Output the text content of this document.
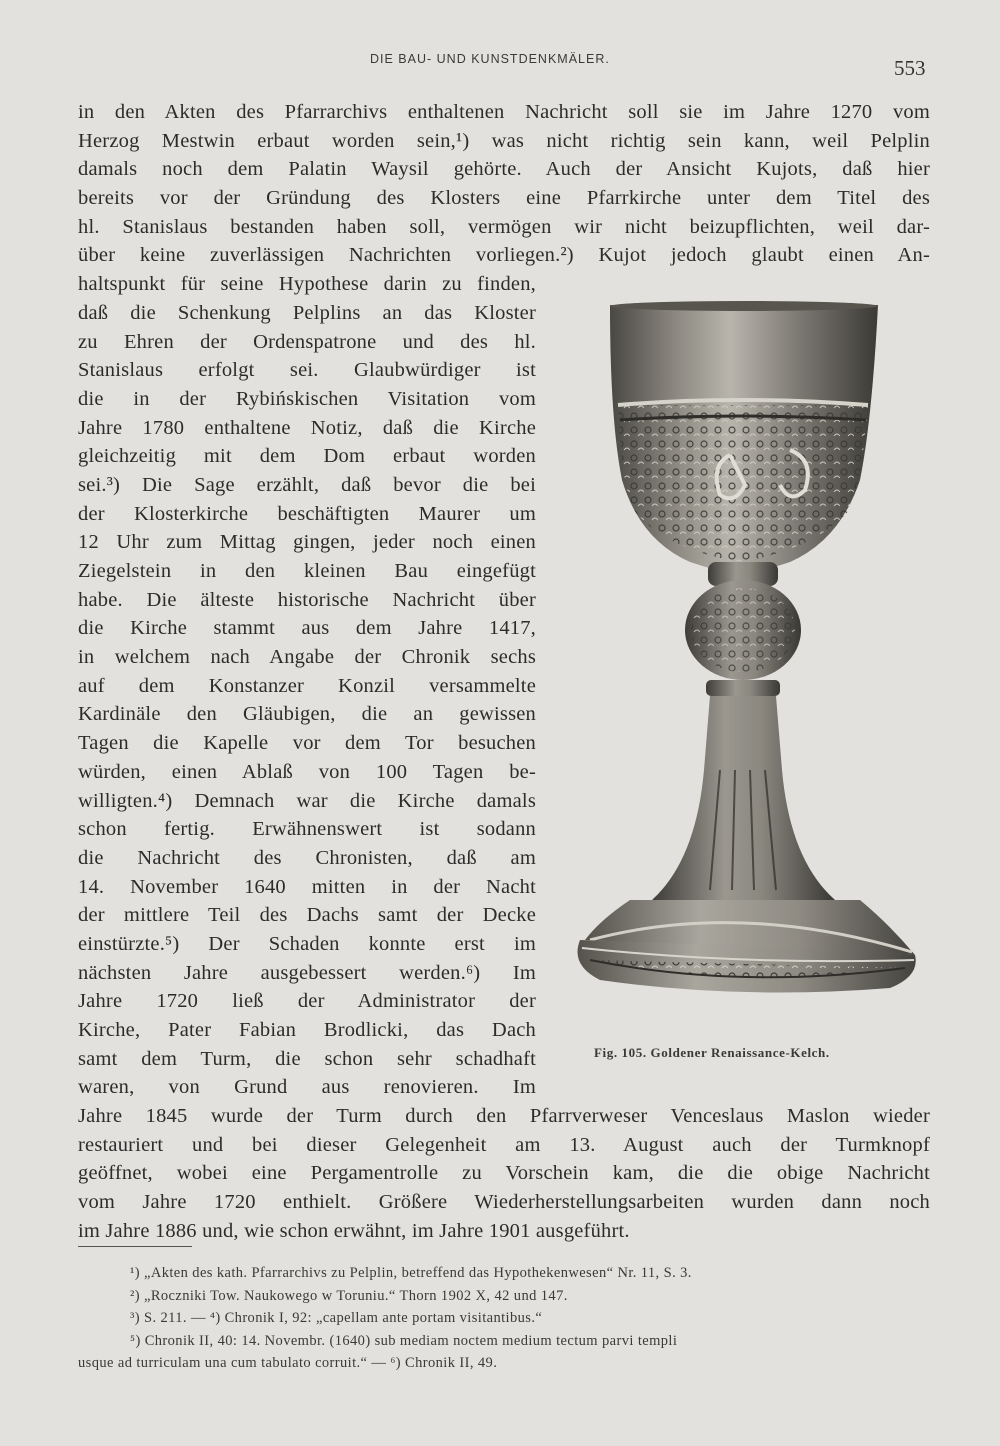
DIE BAU- UND KUNSTDENKMÄLER.	553
in den Akten des Pfarrarchivs enthaltenen Nachricht soll sie im Jahre 1270 vom
Herzog Mestwin erbaut worden sein,¹) was nicht richtig sein kann, weil Pelplin
damals noch dem Palatin Waysil gehörte. Auch der Ansicht Kujots, daß hier
bereits vor der Gründung des Klosters eine Pfarrkirche unter dem Titel des
hl. Stanislaus bestanden haben soll, vermögen wir nicht beizupflichten, weil dar-
über keine zuverlässigen Nachrichten vorliegen.²) Kujot jedoch glaubt einen An-
haltspunkt für seine Hypothese darin zu finden,
daß die Schenkung Pelplins an das Kloster
zu Ehren der Ordenspatrone und des hl.
Stanislaus erfolgt sei. Glaubwürdiger ist
die in der Rybińskischen Visitation vom
Jahre 1780 enthaltene Notiz, daß die Kirche
gleichzeitig mit dem Dom erbaut worden
sei.³) Die Sage erzählt, daß bevor die bei
der Klosterkirche beschäftigten Maurer um
12 Uhr zum Mittag gingen, jeder noch einen
Ziegelstein in den kleinen Bau eingefügt
habe. Die älteste historische Nachricht über
die Kirche stammt aus dem Jahre 1417,
in welchem nach Angabe der Chronik sechs
auf dem Konstanzer Konzil versammelte
Kardinäle den Gläubigen, die an gewissen
Tagen die Kapelle vor dem Tor besuchen
würden, einen Ablaß von 100 Tagen be-
willigten.⁴) Demnach war die Kirche damals
schon fertig. Erwähnenswert ist sodann
die Nachricht des Chronisten, daß am
14. November 1640 mitten in der Nacht
der mittlere Teil des Dachs samt der Decke
einstürzte.⁵) Der Schaden konnte erst im
nächsten Jahre ausgebessert werden.⁶) Im
Jahre 1720 ließ der Administrator der
Kirche, Pater Fabian Brodlicki, das Dach
samt dem Turm, die schon sehr schadhaft
waren, von Grund aus renovieren. Im
Jahre 1845 wurde der Turm durch den Pfarrverweser Venceslaus Maslon wieder
restauriert und bei dieser Gelegenheit am 13. August auch der Turmknopf
geöffnet, wobei eine Pergamentrolle zu Vorschein kam, die die obige Nachricht
vom Jahre 1720 enthielt. Größere Wiederherstellungsarbeiten wurden dann noch
im Jahre 1886 und, wie schon erwähnt, im Jahre 1901 ausgeführt.
Fig. 105. Goldener Renaissance-Kelch.
¹) „Akten des kath. Pfarrarchivs zu Pelplin, betreffend das Hypothekenwesen“ Nr. 11, S. 3.
²) „Roczniki Tow. Naukowego w Toruniu.“ Thorn 1902 X, 42 und 147.
³) S. 211. — ⁴) Chronik I, 92: „capellam ante portam visitantibus.“
⁵) Chronik II, 40: 14. Novembr. (1640) sub mediam noctem medium tectum parvi templi
usque ad turriculam una cum tabulato corruit.“ — ⁶) Chronik II, 49.
